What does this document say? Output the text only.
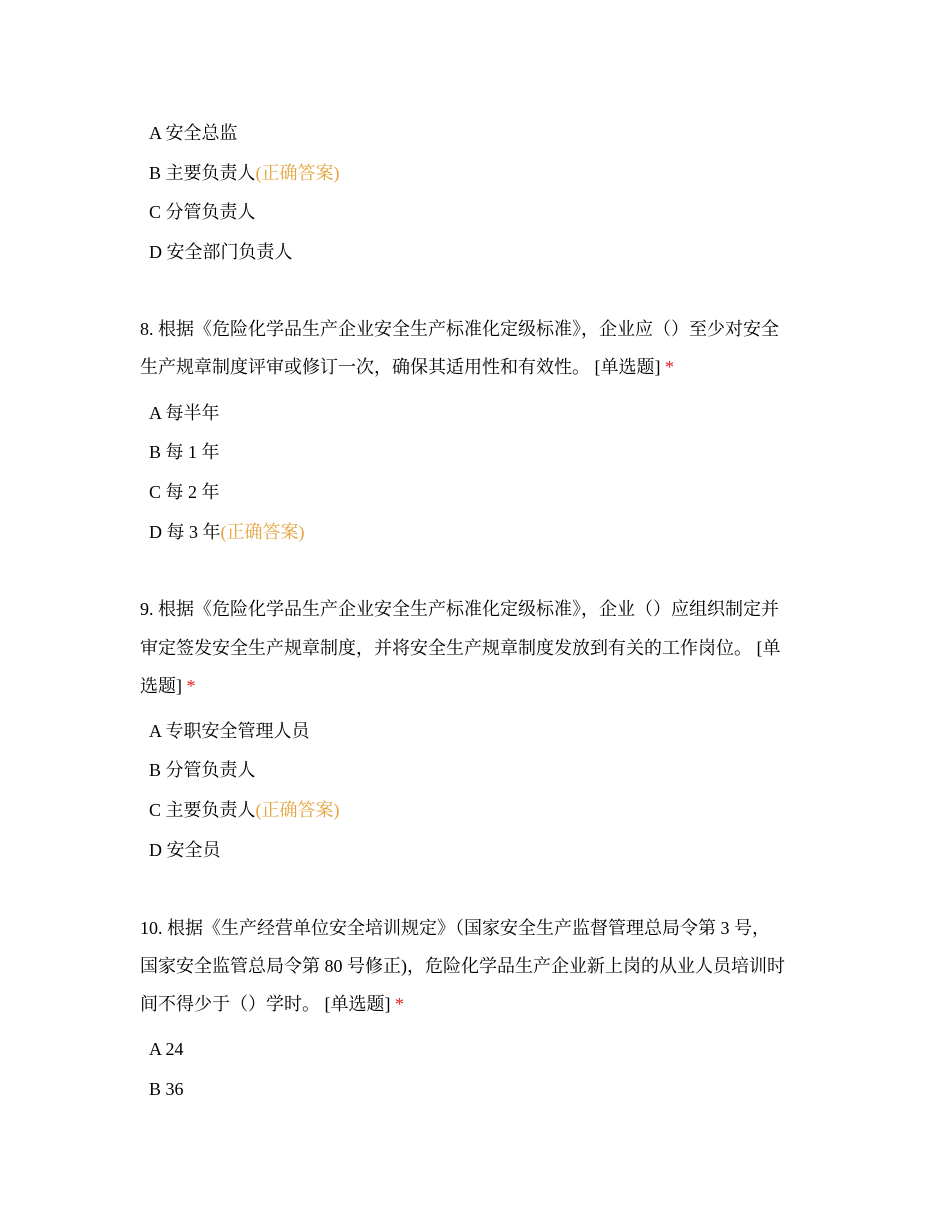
A 安全总监
B 主要负责人(正确答案)
C 分管负责人
D 安全部门负责人
8. 根据《危险化学品生产企业安全生产标准化定级标准》，企业应（）至少对安全
生产规章制度评审或修订一次，确保其适用性和有效性。 [单选题] *
A 每半年
B 每 1 年
C 每 2 年
D 每 3 年(正确答案)
9. 根据《危险化学品生产企业安全生产标准化定级标准》，企业（）应组织制定并
审定签发安全生产规章制度，并将安全生产规章制度发放到有关的工作岗位。 [单
选题] *
A 专职安全管理人员
B 分管负责人
C 主要负责人(正确答案)
D 安全员
10. 根据《生产经营单位安全培训规定》（国家安全生产监督管理总局令第 3 号，
国家安全监管总局令第 80 号修正)，危险化学品生产企业新上岗的从业人员培训时
间不得少于（）学时。 [单选题] *
A 24
B 36
